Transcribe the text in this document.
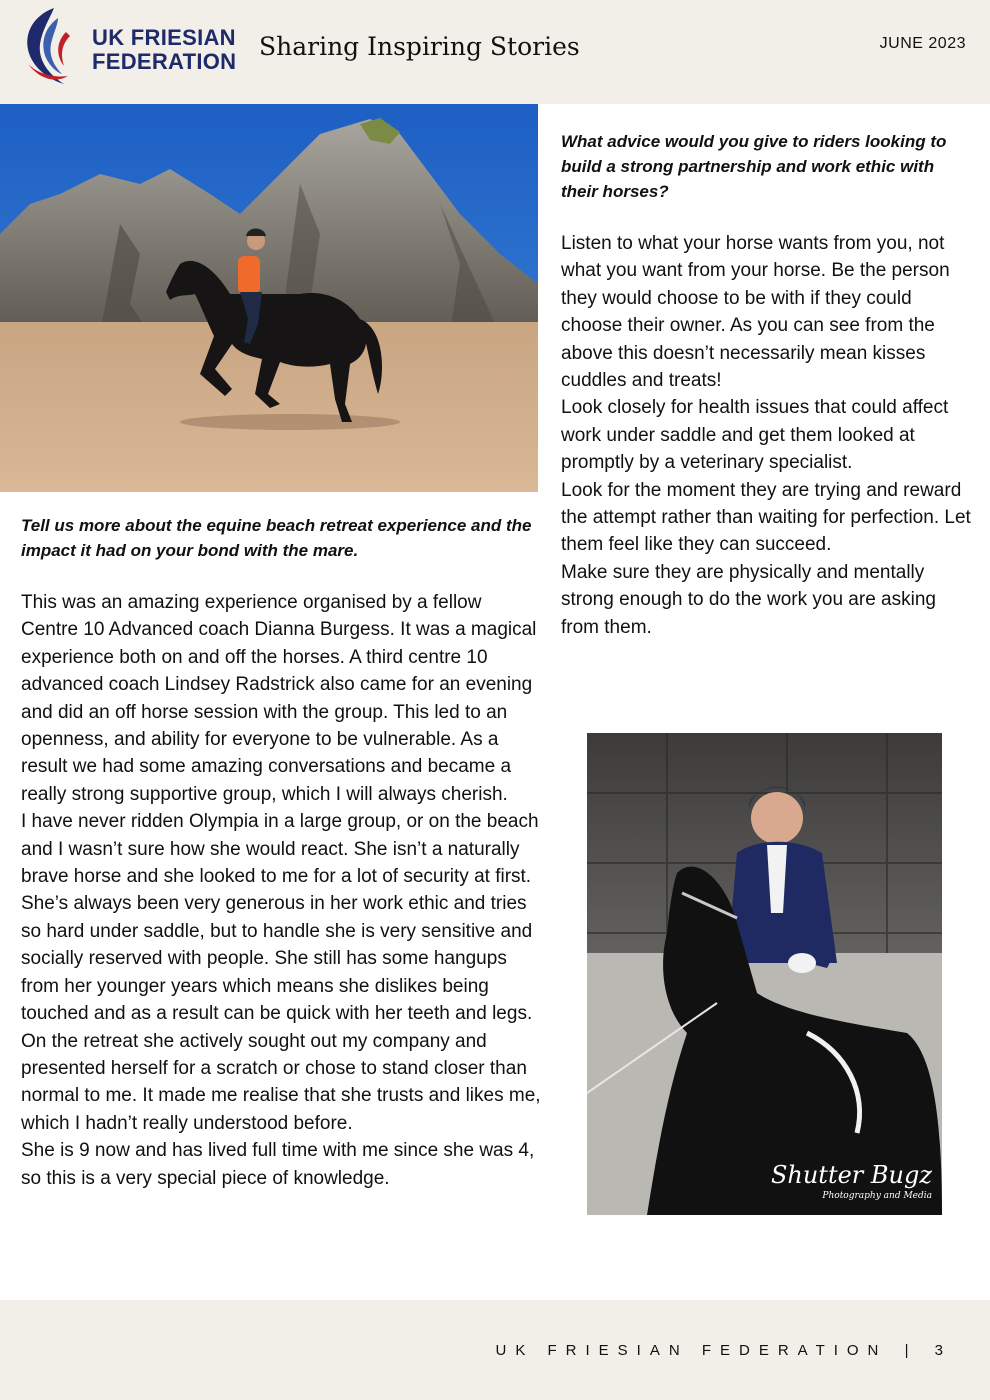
UK FRIESIAN
FEDERATION
Sharing Inspiring Stories	JUNE 2023

Tell us more about the equine beach retreat experience and the impact it had on your bond with the mare.

This was an amazing experience organised by a fellow Centre 10 Advanced coach Dianna Burgess. It was a magical experience both on and off the horses. A third centre 10 advanced coach Lindsey Radstrick also came for an evening and did an off horse session with the group. This led to an openness, and ability for everyone to be vulnerable. As a result we had some amazing conversations and became a really strong supportive group, which I will always cherish.

I have never ridden Olympia in a large group, or on the beach and I wasn’t sure how she would react. She isn’t a naturally brave horse and she looked to me for a lot of security at first. She’s always been very generous in her work ethic and tries so hard under saddle, but to handle she is very sensitive and socially reserved with people. She still has some hangups from her younger years which means she dislikes being touched and as a result can be quick with her teeth and legs.

On the retreat she actively sought out my company and presented herself for a scratch or chose to stand closer than normal to me. It made me realise that she trusts and likes me, which I hadn’t really understood before.

She is 9 now and has lived full time with me since she was 4, so this is a very special piece of knowledge.

What advice would you give to riders looking to build a strong partnership and work ethic with their horses?

Listen to what your horse wants from you, not what you want from your horse. Be the person they would choose to be with if they could choose their owner. As you can see from the above this doesn’t necessarily mean kisses cuddles and treats!

Look closely for health issues that could affect work under saddle and get them looked at promptly by a veterinary specialist.

Look for the moment they are trying and reward the attempt rather than waiting for perfection. Let them feel like they can succeed.

Make sure they are physically and mentally strong enough to do the work you are asking from them.

Shutter Bugz
Photography and Media
UK FRIESIAN FEDERATION | 3
